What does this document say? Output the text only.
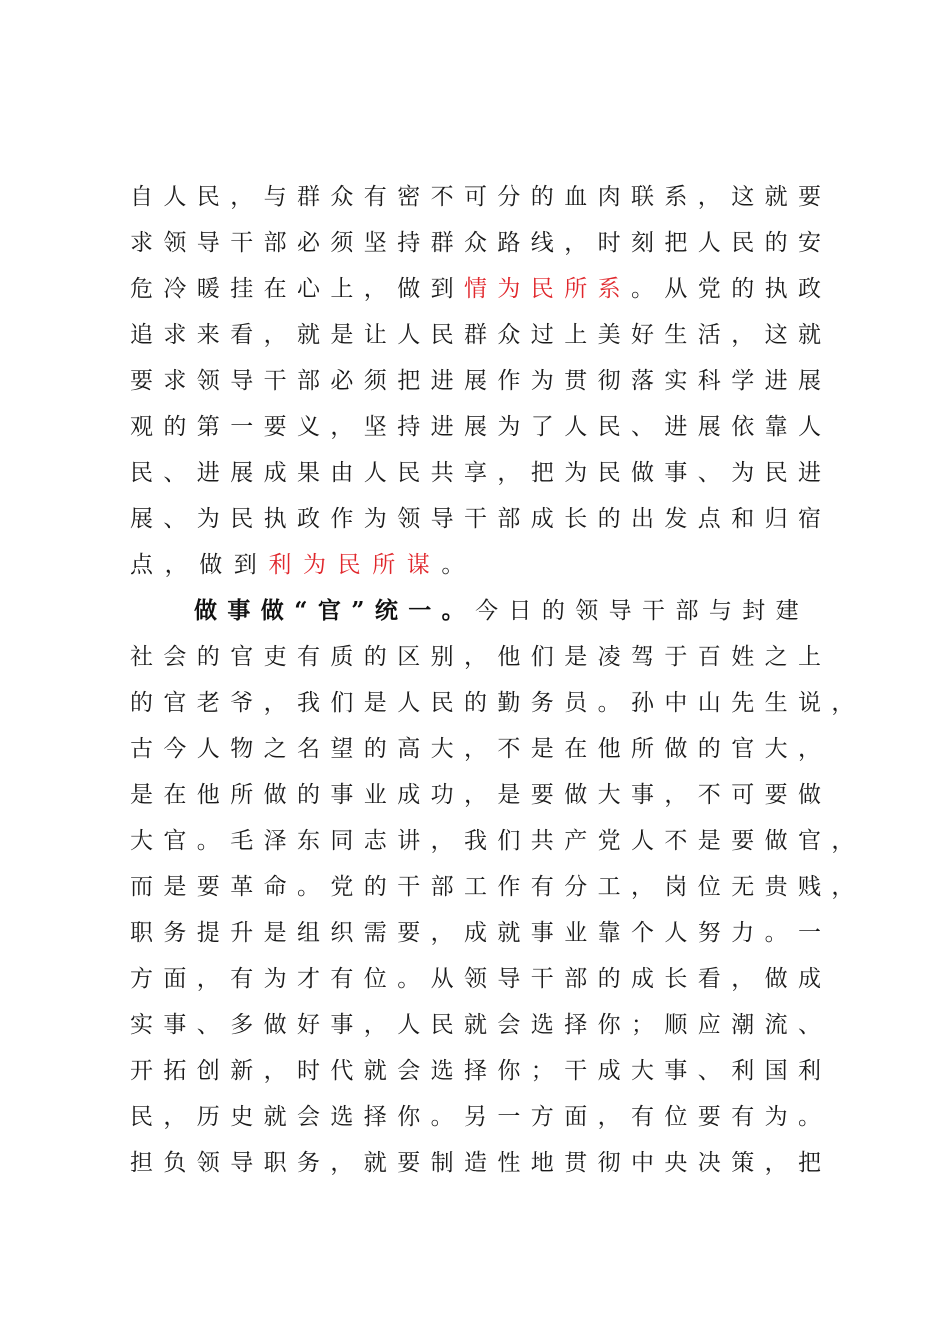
自人民，与群众有密不可分的血肉联系，这就要
求领导干部必须坚持群众路线，时刻把人民的安
危冷暖挂在心上，做到情为民所系。从党的执政
追求来看，就是让人民群众过上美好生活，这就
要求领导干部必须把进展作为贯彻落实科学进展
观的第一要义，坚持进展为了人民、进展依靠人
民、进展成果由人民共享，把为民做事、为民进
展、为民执政作为领导干部成长的出发点和归宿
点，做到利为民所谋。
做事做“官”统一。今日的领导干部与封建
社会的官吏有质的区别，他们是凌驾于百姓之上
的官老爷，我们是人民的勤务员。孙中山先生说，
古今人物之名望的高大，不是在他所做的官大，
是在他所做的事业成功，是要做大事，不可要做
大官。毛泽东同志讲，我们共产党人不是要做官，
而是要革命。党的干部工作有分工，岗位无贵贱，
职务提升是组织需要，成就事业靠个人努力。一
方面，有为才有位。从领导干部的成长看，做成
实事、多做好事，人民就会选择你；顺应潮流、
开拓创新，时代就会选择你；干成大事、利国利
民，历史就会选择你。另一方面，有位要有为。
担负领导职务，就要制造性地贯彻中央决策，把
